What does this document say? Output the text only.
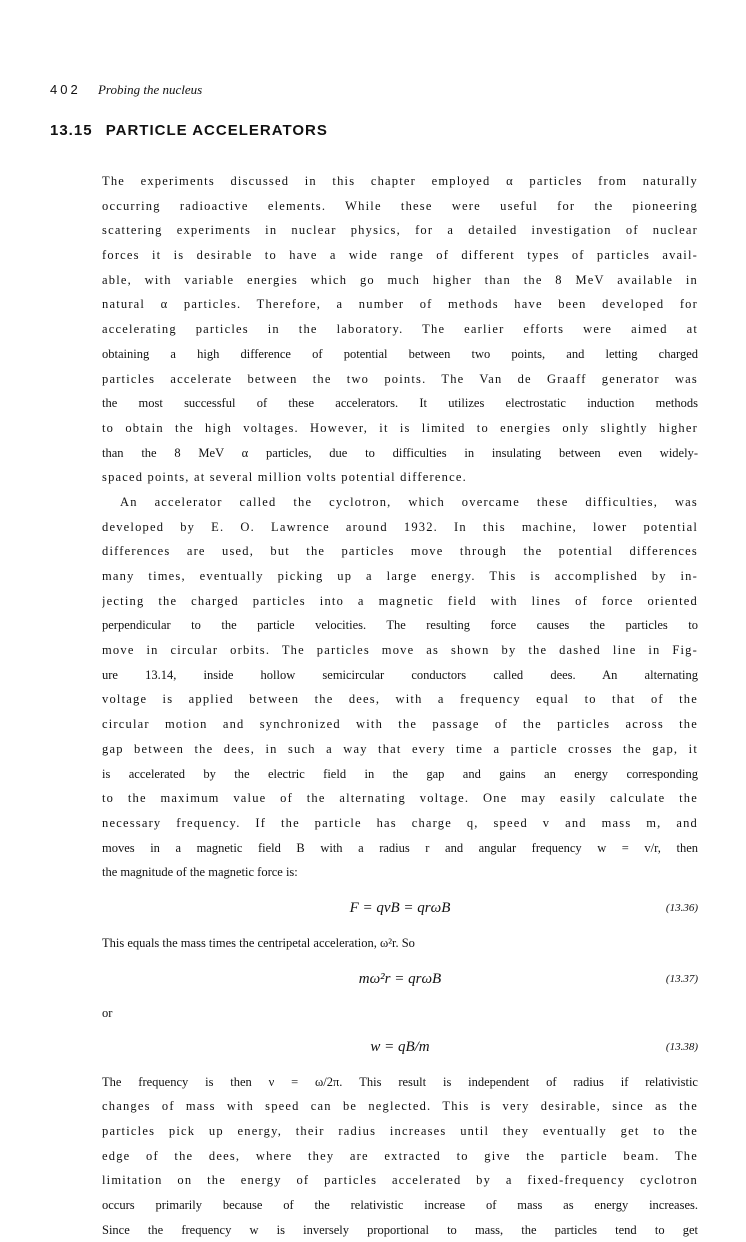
402 Probing the nucleus
13.15 PARTICLE ACCELERATORS
The experiments discussed in this chapter employed α particles from naturally
occurring radioactive elements. While these were useful for the pioneering
scattering experiments in nuclear physics, for a detailed investigation of nuclear
forces it is desirable to have a wide range of different types of particles avail-
able, with variable energies which go much higher than the 8 MeV available in
natural α particles. Therefore, a number of methods have been developed for
accelerating particles in the laboratory. The earlier efforts were aimed at
obtaining a high difference of potential between two points, and letting charged
particles accelerate between the two points. The Van de Graaff generator was
the most successful of these accelerators. It utilizes electrostatic induction methods
to obtain the high voltages. However, it is limited to energies only slightly higher
than the 8 MeV α particles, due to difficulties in insulating between even widely-
spaced points, at several million volts potential difference.
An accelerator called the cyclotron, which overcame these difficulties, was
developed by E. O. Lawrence around 1932. In this machine, lower potential
differences are used, but the particles move through the potential differences
many times, eventually picking up a large energy. This is accomplished by in-
jecting the charged particles into a magnetic field with lines of force oriented
perpendicular to the particle velocities. The resulting force causes the particles to
move in circular orbits. The particles move as shown by the dashed line in Fig-
ure 13.14, inside hollow semicircular conductors called dees. An alternating
voltage is applied between the dees, with a frequency equal to that of the
circular motion and synchronized with the passage of the particles across the
gap between the dees, in such a way that every time a particle crosses the gap, it
is accelerated by the electric field in the gap and gains an energy corresponding
to the maximum value of the alternating voltage. One may easily calculate the
necessary frequency. If the particle has charge q, speed v and mass m, and
moves in a magnetic field B with a radius r and angular frequency w = v/r, then
the magnitude of the magnetic force is:
F = qvB = qrωB	(13.36)
This equals the mass times the centripetal acceleration, ω²r. So
mω²r = qrωB	(13.37)
or
w = qB/m	(13.38)
The frequency is then ν = ω/2π. This result is independent of radius if relativistic
changes of mass with speed can be neglected. This is very desirable, since as the
particles pick up energy, their radius increases until they eventually get to the
edge of the dees, where they are extracted to give the particle beam. The
limitation on the energy of particles accelerated by a fixed-frequency cyclotron
occurs primarily because of the relativistic increase of mass as energy increases.
Since the frequency w is inversely proportional to mass, the particles tend to get
